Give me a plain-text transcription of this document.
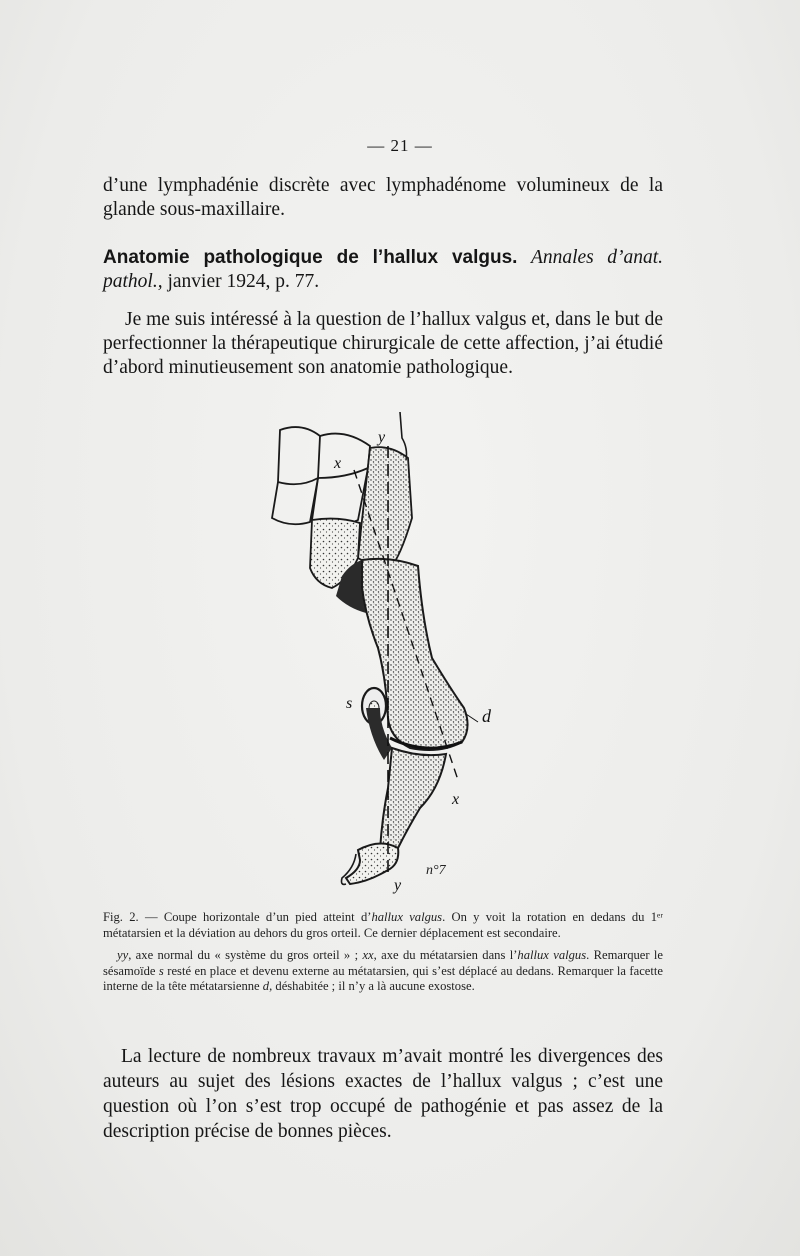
— 21 —

d’une lymphadénie discrète avec lymphadénome volumineux de la glande sous-maxillaire.

Anatomie pathologique de l’hallux valgus. Annales d’anat. pathol., janvier 1924, p. 77.

Je me suis intéressé à la question de l’hallux valgus et, dans le but de perfectionner la thérapeutique chirurgicale de cette affection, j’ai étudié d’abord minutieusement son anatomie pathologique.

y
x
s
d
x
y
n°7

Fig. 2. — Coupe horizontale d’un pied atteint d’hallux valgus. On y voit la rotation en dedans du 1ᵉʳ métatarsien et la déviation au dehors du gros orteil. Ce dernier déplacement est secondaire.

yy, axe normal du « système du gros orteil » ; xx, axe du métatarsien dans l’hallux valgus. Remarquer le sésamoïde s resté en place et devenu externe au métatarsien, qui s’est déplacé au dedans. Remarquer la facette interne de la tête métatarsienne d, déshabitée ; il n’y a là aucune exostose.

La lecture de nombreux travaux m’avait montré les divergences des auteurs au sujet des lésions exactes de l’hallux valgus ; c’est une question où l’on s’est trop occupé de pathogénie et pas assez de la description précise de bonnes pièces.
